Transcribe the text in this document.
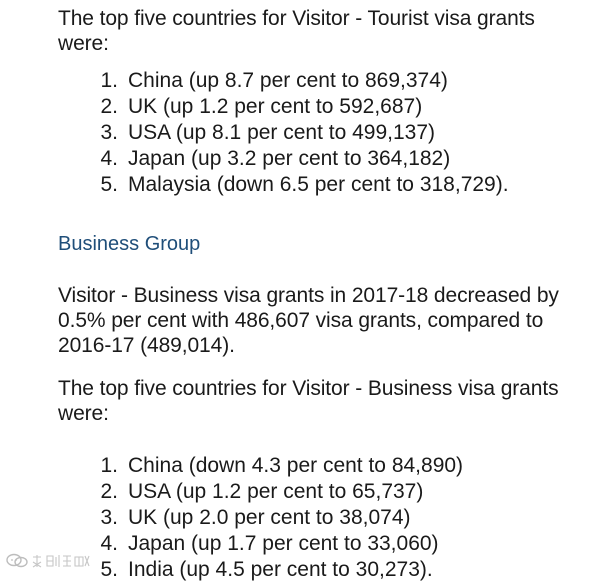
The top five countries for Visitor - Tourist visa grants were:

1. China (up 8.7 per cent to 869,374)
2. UK (up 1.2 per cent to 592,687)
3. USA (up 8.1 per cent to 499,137)
4. Japan (up 3.2 per cent to 364,182)
5. Malaysia (down 6.5 per cent to 318,729).
Business Group

Visitor - Business visa grants in 2017-18 decreased by 0.5% per cent with 486,607 visa grants, compared to 2016-17 (489,014).

The top five countries for Visitor - Business visa grants were:

1. China (down 4.3 per cent to 84,890)
2. USA (up 1.2 per cent to 65,737)
3. UK (up 2.0 per cent to 38,074)
4. Japan (up 1.7 per cent to 33,060)
5. India (up 4.5 per cent to 30,273).
